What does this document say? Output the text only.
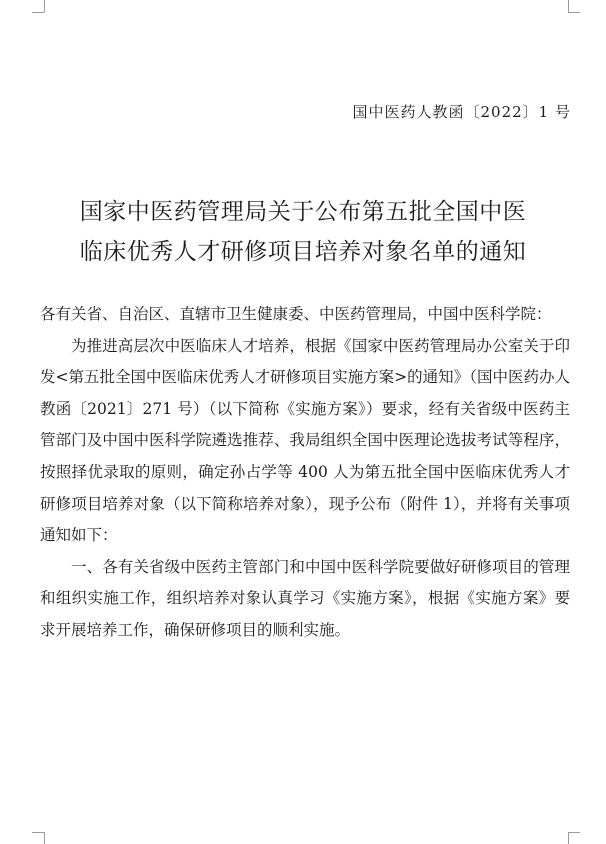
国中医药人教函〔2022〕1 号
国家中医药管理局关于公布第五批全国中医
临床优秀人才研修项目培养对象名单的通知

各有关省、自治区、直辖市卫生健康委、中医药管理局，中国中医科学院：

为推进高层次中医临床人才培养，根据《国家中医药管理局办公室关于印发<第五批全国中医临床优秀人才研修项目实施方案>的通知》（国中医药办人教函〔2021〕271 号）（以下简称《实施方案》）要求，经有关省级中医药主管部门及中国中医科学院遴选推荐、我局组织全国中医理论选拔考试等程序，按照择优录取的原则，确定孙占学等 400 人为第五批全国中医临床优秀人才研修项目培养对象（以下简称培养对象），现予公布（附件 1），并将有关事项通知如下：

一、各有关省级中医药主管部门和中国中医科学院要做好研修项目的管理和组织实施工作，组织培养对象认真学习《实施方案》，根据《实施方案》要求开展培养工作，确保研修项目的顺利实施。
